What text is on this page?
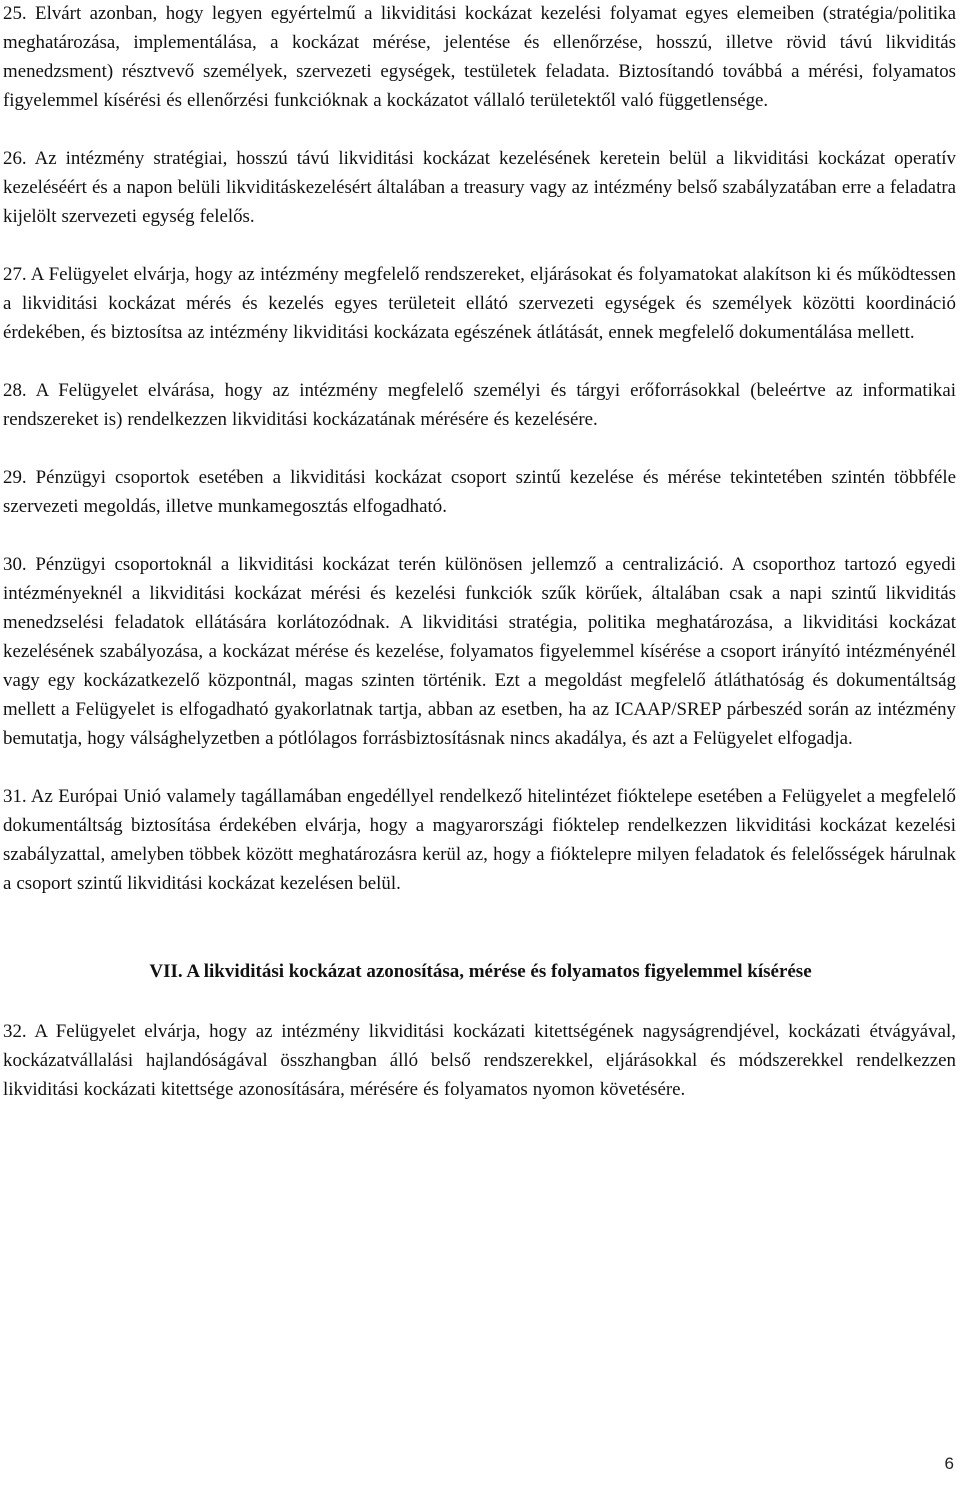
25. Elvárt azonban, hogy legyen egyértelmű a likviditási kockázat kezelési folyamat egyes elemeiben (stratégia/politika meghatározása, implementálása, a kockázat mérése, jelentése és ellenőrzése, hosszú, illetve rövid távú likviditás menedzsment) résztvevő személyek, szervezeti egységek, testületek feladata. Biztosítandó továbbá a mérési, folyamatos figyelemmel kísérési és ellenőrzési funkcióknak a kockázatot vállaló területektől való függetlensége.

26. Az intézmény stratégiai, hosszú távú likviditási kockázat kezelésének keretein belül a likviditási kockázat operatív kezeléséért és a napon belüli likviditáskezelésért általában a treasury vagy az intézmény belső szabályzatában erre a feladatra kijelölt szervezeti egység felelős.

27. A Felügyelet elvárja, hogy az intézmény megfelelő rendszereket, eljárásokat és folyamatokat alakítson ki és működtessen a likviditási kockázat mérés és kezelés egyes területeit ellátó szervezeti egységek és személyek közötti koordináció érdekében, és biztosítsa az intézmény likviditási kockázata egészének átlátását, ennek megfelelő dokumentálása mellett.

28. A Felügyelet elvárása, hogy az intézmény megfelelő személyi és tárgyi erőforrásokkal (beleértve az informatikai rendszereket is) rendelkezzen likviditási kockázatának mérésére és kezelésére.

29. Pénzügyi csoportok esetében a likviditási kockázat csoport szintű kezelése és mérése tekintetében szintén többféle szervezeti megoldás, illetve munkamegosztás elfogadható.

30. Pénzügyi csoportoknál a likviditási kockázat terén különösen jellemző a centralizáció. A csoporthoz tartozó egyedi intézményeknél a likviditási kockázat mérési és kezelési funkciók szűk körűek, általában csak a napi szintű likviditás menedzselési feladatok ellátására korlátozódnak. A likviditási stratégia, politika meghatározása, a likviditási kockázat kezelésének szabályozása, a kockázat mérése és kezelése, folyamatos figyelemmel kísérése a csoport irányító intézményénél vagy egy kockázatkezelő központnál, magas szinten történik. Ezt a megoldást megfelelő átláthatóság és dokumentáltság mellett a Felügyelet is elfogadható gyakorlatnak tartja, abban az esetben, ha az ICAAP/SREP párbeszéd során az intézmény bemutatja, hogy válsághelyzetben a pótlólagos forrásbiztosításnak nincs akadálya, és azt a Felügyelet elfogadja.

31. Az Európai Unió valamely tagállamában engedéllyel rendelkező hitelintézet fióktelepe esetében a Felügyelet a megfelelő dokumentáltság biztosítása érdekében elvárja, hogy a magyarországi fióktelep rendelkezzen likviditási kockázat kezelési szabályzattal, amelyben többek között meghatározásra kerül az, hogy a fióktelepre milyen feladatok és felelősségek hárulnak a csoport szintű likviditási kockázat kezelésen belül.

VII. A likviditási kockázat azonosítása, mérése és folyamatos figyelemmel kísérése

32. A Felügyelet elvárja, hogy az intézmény likviditási kockázati kitettségének nagyságrendjével, kockázati étvágyával, kockázatvállalási hajlandóságával összhangban álló belső rendszerekkel, eljárásokkal és módszerekkel rendelkezzen likviditási kockázati kitettsége azonosítására, mérésére és folyamatos nyomon követésére.

6
